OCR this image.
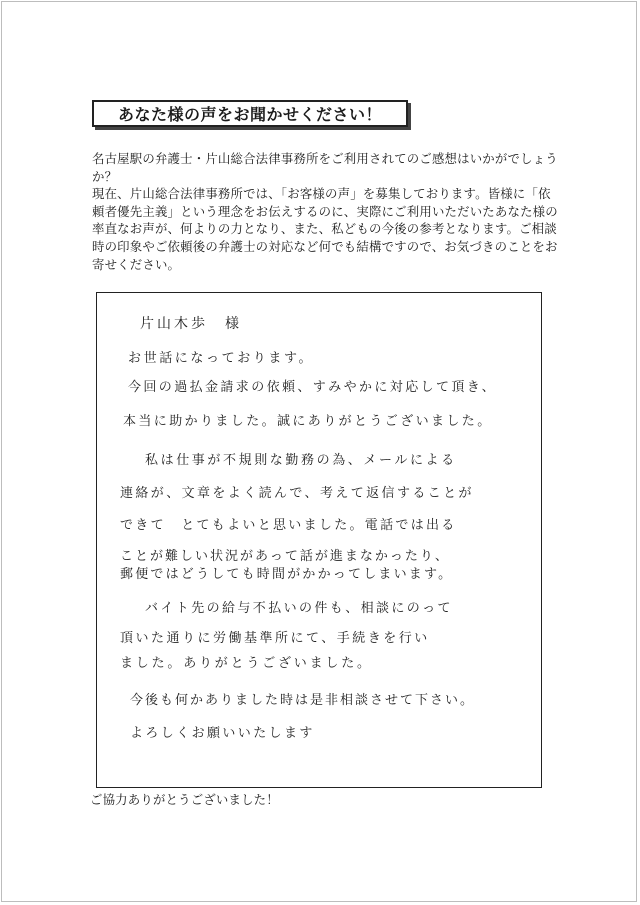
あなた様の声をお聞かせください！

名古屋駅の弁護士・片山総合法律事務所をご利用されてのご感想はいかがでしょうか？

現在、片山総合法律事務所では、「お客様の声」を募集しております。皆様に「依頼者優先主義」という理念をお伝えするのに、実際にご利用いただいたあなた様の率直なお声が、何よりの力となり、また、私どもの今後の参考となります。ご相談時の印象やご依頼後の弁護士の対応など何でも結構ですので、お気づきのことをお寄せください。

片山木歩　様
お世話になっております。
今回の過払金請求の依頼、すみやかに対応して頂き、
本当に助かりました。誠にありがとうございました。
私は仕事が不規則な勤務の為、メールによる
連絡が、文章をよく読んで、考えて返信することが
できて　とてもよいと思いました。電話では出る
ことが難しい状況があって話が進まなかったり、
郵便ではどうしても時間がかかってしまいます。
バイト先の給与不払いの件も、相談にのって
頂いた通りに労働基準所にて、手続きを行い
ました。ありがとうございました。
今後も何かありました時は是非相談させて下さい。
よろしくお願いいたします
ご協力ありがとうございました！
